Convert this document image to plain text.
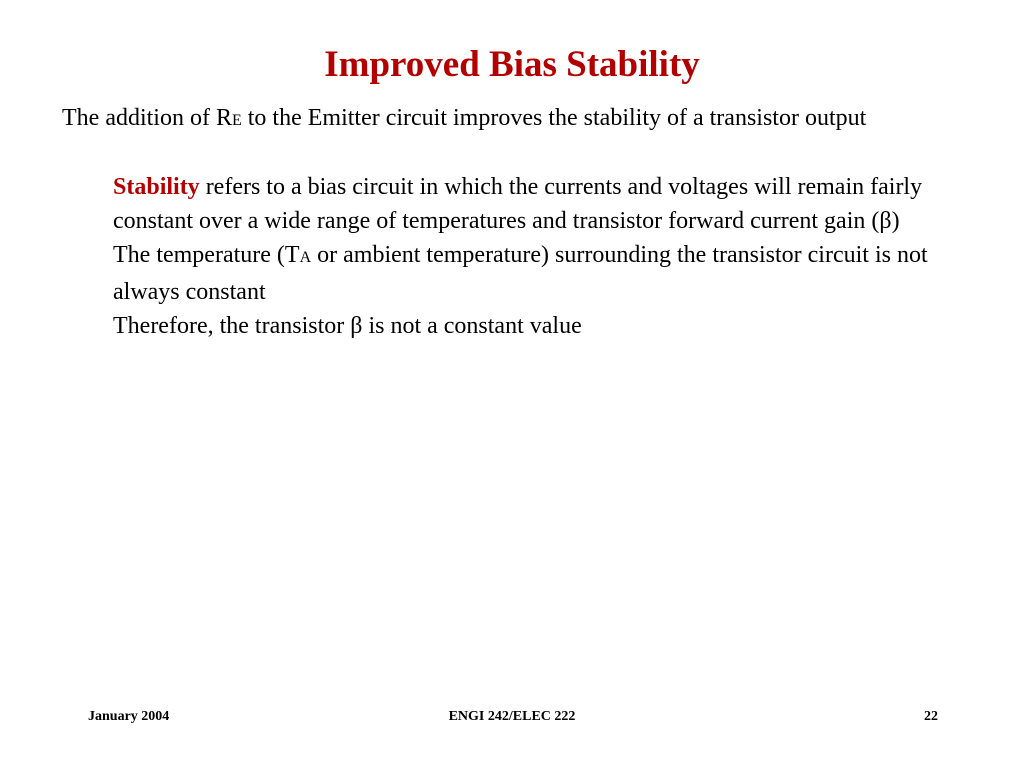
Improved Bias Stability

The addition of RE to the Emitter circuit improves the stability of a transistor output

Stability refers to a bias circuit in which the currents and voltages will remain fairly constant over a wide range of temperatures and transistor forward current gain (β)
The temperature (TA or ambient temperature) surrounding the transistor circuit is not always constant
Therefore, the transistor β is not a constant value

January 2004	ENGI 242/ELEC 222	22
